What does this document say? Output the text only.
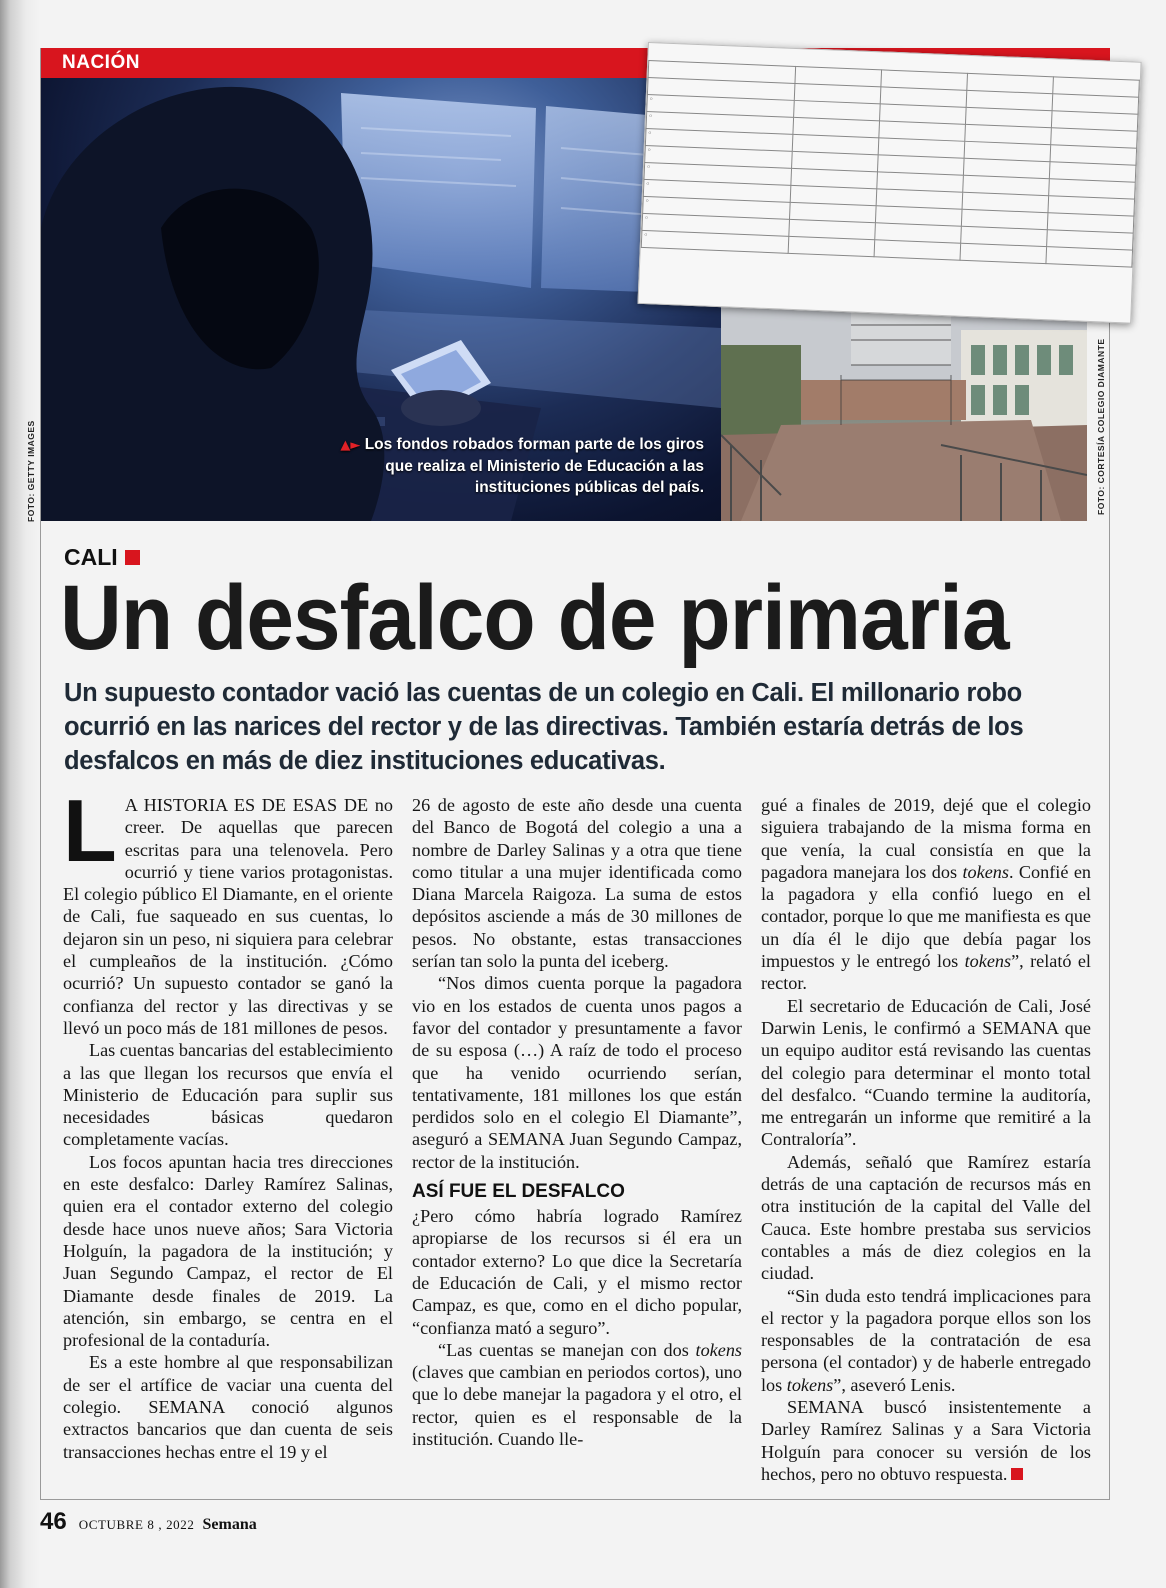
NACIÓN

○				
○				
○				
○				
○				
○				
○				
○				
○				
▲► Los fondos robados forman parte de los giros que realiza el Ministerio de Educación a las instituciones públicas del país.
FOTO: GETTY IMAGES	FOTO: CORTESÍA COLEGIO DIAMANTE
CALI
Un desfalco de primaria
Un supuesto contador vació las cuentas de un colegio en Cali. El millonario robo ocurrió en las narices del rector y de las directivas. También estaría detrás de los desfalcos en más de diez instituciones educativas.

L A HISTORIA ES DE ESAS DE no creer. De aquellas que parecen escritas para una telenovela. Pero ocurrió y tiene varios protagonistas. El colegio público El Diamante, en el oriente de Cali, fue saqueado en sus cuentas, lo dejaron sin un peso, ni siquiera para celebrar el cumpleaños de la institución. ¿Cómo ocurrió? Un supuesto contador se ganó la confianza del rector y las directivas y se llevó un poco más de 181 millones de pesos.

Las cuentas bancarias del establecimiento a las que llegan los recursos que envía el Ministerio de Educación para suplir sus necesidades básicas quedaron completamente vacías.

Los focos apuntan hacia tres direcciones en este desfalco: Darley Ramírez Salinas, quien era el contador externo del colegio desde hace unos nueve años; Sara Victoria Holguín, la pagadora de la institución; y Juan Segundo Campaz, el rector de El Diamante desde finales de 2019. La atención, sin embargo, se centra en el profesional de la contaduría.

Es a este hombre al que responsabilizan de ser el artífice de vaciar una cuenta del colegio. SEMANA conoció algunos extractos bancarios que dan cuenta de seis transacciones hechas entre el 19 y el

26 de agosto de este año desde una cuenta del Banco de Bogotá del colegio a una a nombre de Darley Salinas y a otra que tiene como titular a una mujer identificada como Diana Marcela Raigoza. La suma de estos depósitos asciende a más de 30 millones de pesos. No obstante, estas transacciones serían tan solo la punta del iceberg.

“Nos dimos cuenta porque la pagadora vio en los estados de cuenta unos pagos a favor del contador y presuntamente a favor de su esposa (…) A raíz de todo el proceso que ha venido ocurriendo serían, tentativamente, 181 millones los que están perdidos solo en el colegio El Diamante”, aseguró a SEMANA Juan Segundo Campaz, rector de la institución.

ASÍ FUE EL DESFALCO

¿Pero cómo habría logrado Ramírez apropiarse de los recursos si él era un contador externo? Lo que dice la Secretaría de Educación de Cali, y el mismo rector Campaz, es que, como en el dicho popular, “confianza mató a seguro”.

“Las cuentas se manejan con dos tokens (claves que cambian en periodos cortos), uno que lo debe manejar la pagadora y el otro, el rector, quien es el responsable de la institución. Cuando lle-

gué a finales de 2019, dejé que el colegio siguiera trabajando de la misma forma en que venía, la cual consistía en que la pagadora manejara los dos tokens. Confié en la pagadora y ella confió luego en el contador, porque lo que me manifiesta es que un día él le dijo que debía pagar los impuestos y le entregó los tokens”, relató el rector.

El secretario de Educación de Cali, José Darwin Lenis, le confirmó a SEMANA que un equipo auditor está revisando las cuentas del colegio para determinar el monto total del desfalco. “Cuando termine la auditoría, me entregarán un informe que remitiré a la Contraloría”.

Además, señaló que Ramírez estaría detrás de una captación de recursos más en otra institución de la capital del Valle del Cauca. Este hombre prestaba sus servicios contables a más de diez colegios en la ciudad.

“Sin duda esto tendrá implicaciones para el rector y la pagadora porque ellos son los responsables de la contratación de esa persona (el contador) y de haberle entregado los tokens”, aseveró Lenis.

SEMANA buscó insistentemente a Darley Ramírez Salinas y a Sara Victoria Holguín para conocer su versión de los hechos, pero no obtuvo respuesta.

46 OCTUBRE 8 , 2022 Semana
